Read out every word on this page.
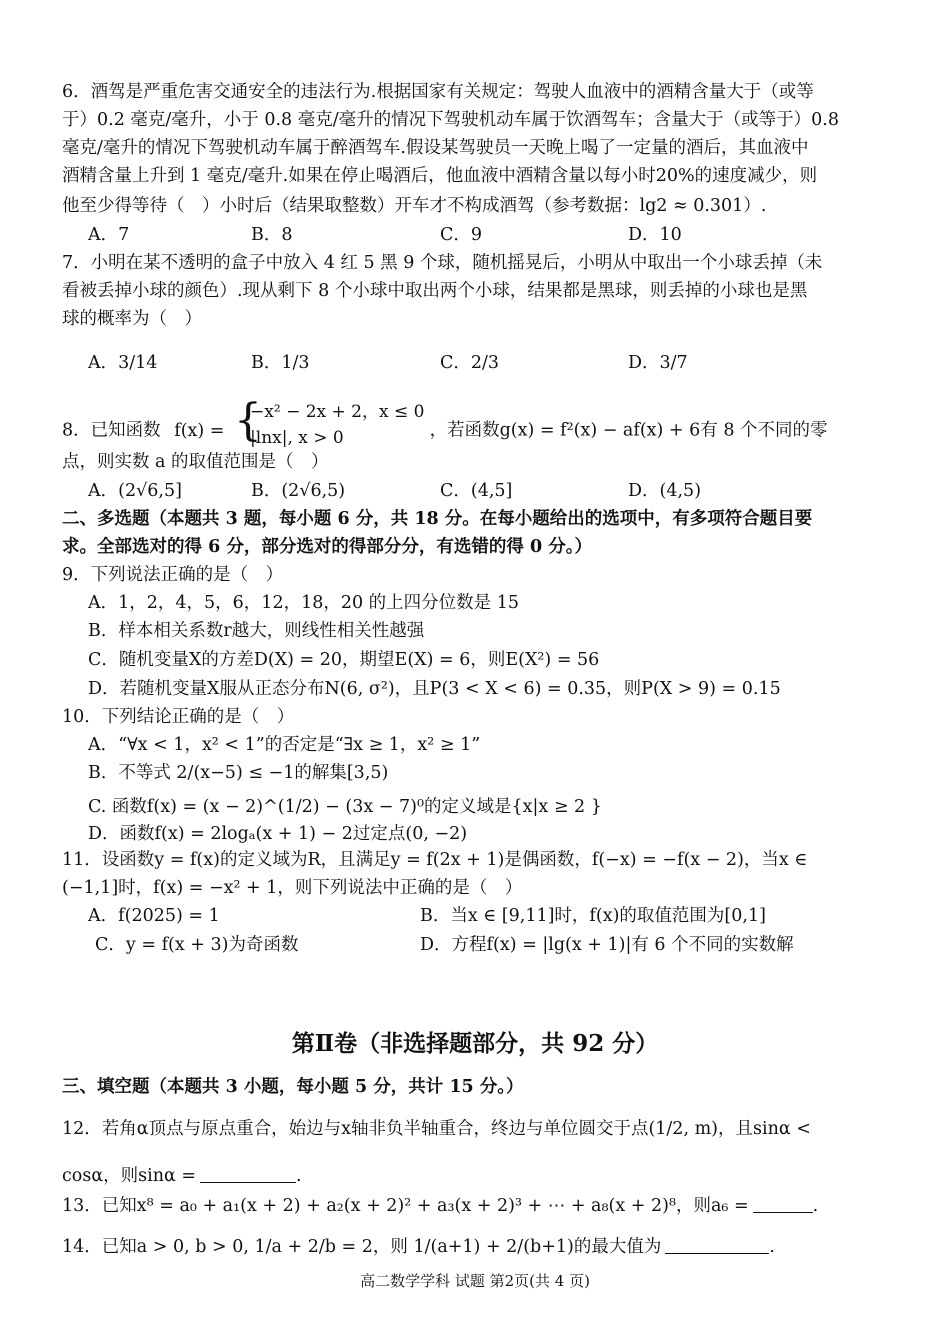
6．酒驾是严重危害交通安全的违法行为.根据国家有关规定：驾驶人血液中的酒精含量大于（或等
于）0.2 毫克/毫升，小于 0.8 毫克/毫升的情况下驾驶机动车属于饮酒驾车；含量大于（或等于）0.8
毫克/毫升的情况下驾驶机动车属于醉酒驾车.假设某驾驶员一天晚上喝了一定量的酒后，其血液中
酒精含量上升到 1 毫克/毫升.如果在停止喝酒后，他血液中酒精含量以每小时20%的速度减少，则
他至少得等待（　）小时后（结果取整数）开车才不构成酒驾（参考数据：lg2 ≈ 0.301）.
A．7	B．8	C．9	D．10
7．小明在某不透明的盒子中放入 4 红 5 黑 9 个球，随机摇晃后，小明从中取出一个小球丢掉（未
看被丢掉小球的颜色）.现从剩下 8 个小球中取出两个小球，结果都是黑球，则丢掉的小球也是黑
球的概率为（　）
A．3/14	B．1/3	C．2/3	D．3/7
8．已知函数 f(x) = {
−x² − 2x + 2，x ≤ 0
|lnx|, x > 0	，若函数g(x) = f²(x) − af(x) + 6有 8 个不同的零
点，则实数 a 的取值范围是（　）
A．(2√6,5]	B．(2√6,5)	C．(4,5]	D．(4,5)
二、多选题（本题共 3 题，每小题 6 分，共 18 分。在每小题给出的选项中，有多项符合题目要
求。全部选对的得 6 分，部分选对的得部分分，有选错的得 0 分。）
9．下列说法正确的是（　）
A．1，2，4，5，6，12，18，20 的上四分位数是 15
B．样本相关系数r越大，则线性相关性越强
C．随机变量X的方差D(X) = 20，期望E(X) = 6，则E(X²) = 56
D．若随机变量X服从正态分布N(6, σ²)，且P(3 < X < 6) = 0.35，则P(X > 9) = 0.15
10．下列结论正确的是（　）
A．“∀x < 1，x² < 1”的否定是“∃x ≥ 1，x² ≥ 1”
B．不等式 2/(x−5) ≤ −1的解集[3,5)
C. 函数f(x) = (x − 2)^(1/2) − (3x − 7)⁰的定义域是{x|x ≥ 2 }
D．函数f(x) = 2logₐ(x + 1) − 2过定点(0, −2)
11．设函数y = f(x)的定义域为R，且满足y = f(2x + 1)是偶函数，f(−x) = −f(x − 2)，当x ∈
(−1,1]时，f(x) = −x² + 1，则下列说法中正确的是（　）
A．f(2025) = 1	B．当x ∈ [9,11]时，f(x)的取值范围为[0,1]
C．y = f(x + 3)为奇函数	D．方程f(x) = |lg(x + 1)|有 6 个不同的实数解
第Ⅱ卷（非选择题部分，共 92 分）
三、填空题（本题共 3 小题，每小题 5 分，共计 15 分。）
12．若角α顶点与原点重合，始边与x轴非负半轴重合，终边与单位圆交于点(1/2, m)，且sinα <
cosα，则sinα =	.
13．已知x⁸ = a₀ + a₁(x + 2) + a₂(x + 2)² + a₃(x + 2)³ + ⋯ + a₈(x + 2)⁸，则a₆ =	.
14．已知a > 0, b > 0, 1/a + 2/b = 2，则 1/(a+1) + 2/(b+1)的最大值为	.
高二数学学科 试题 第2页(共 4 页)
